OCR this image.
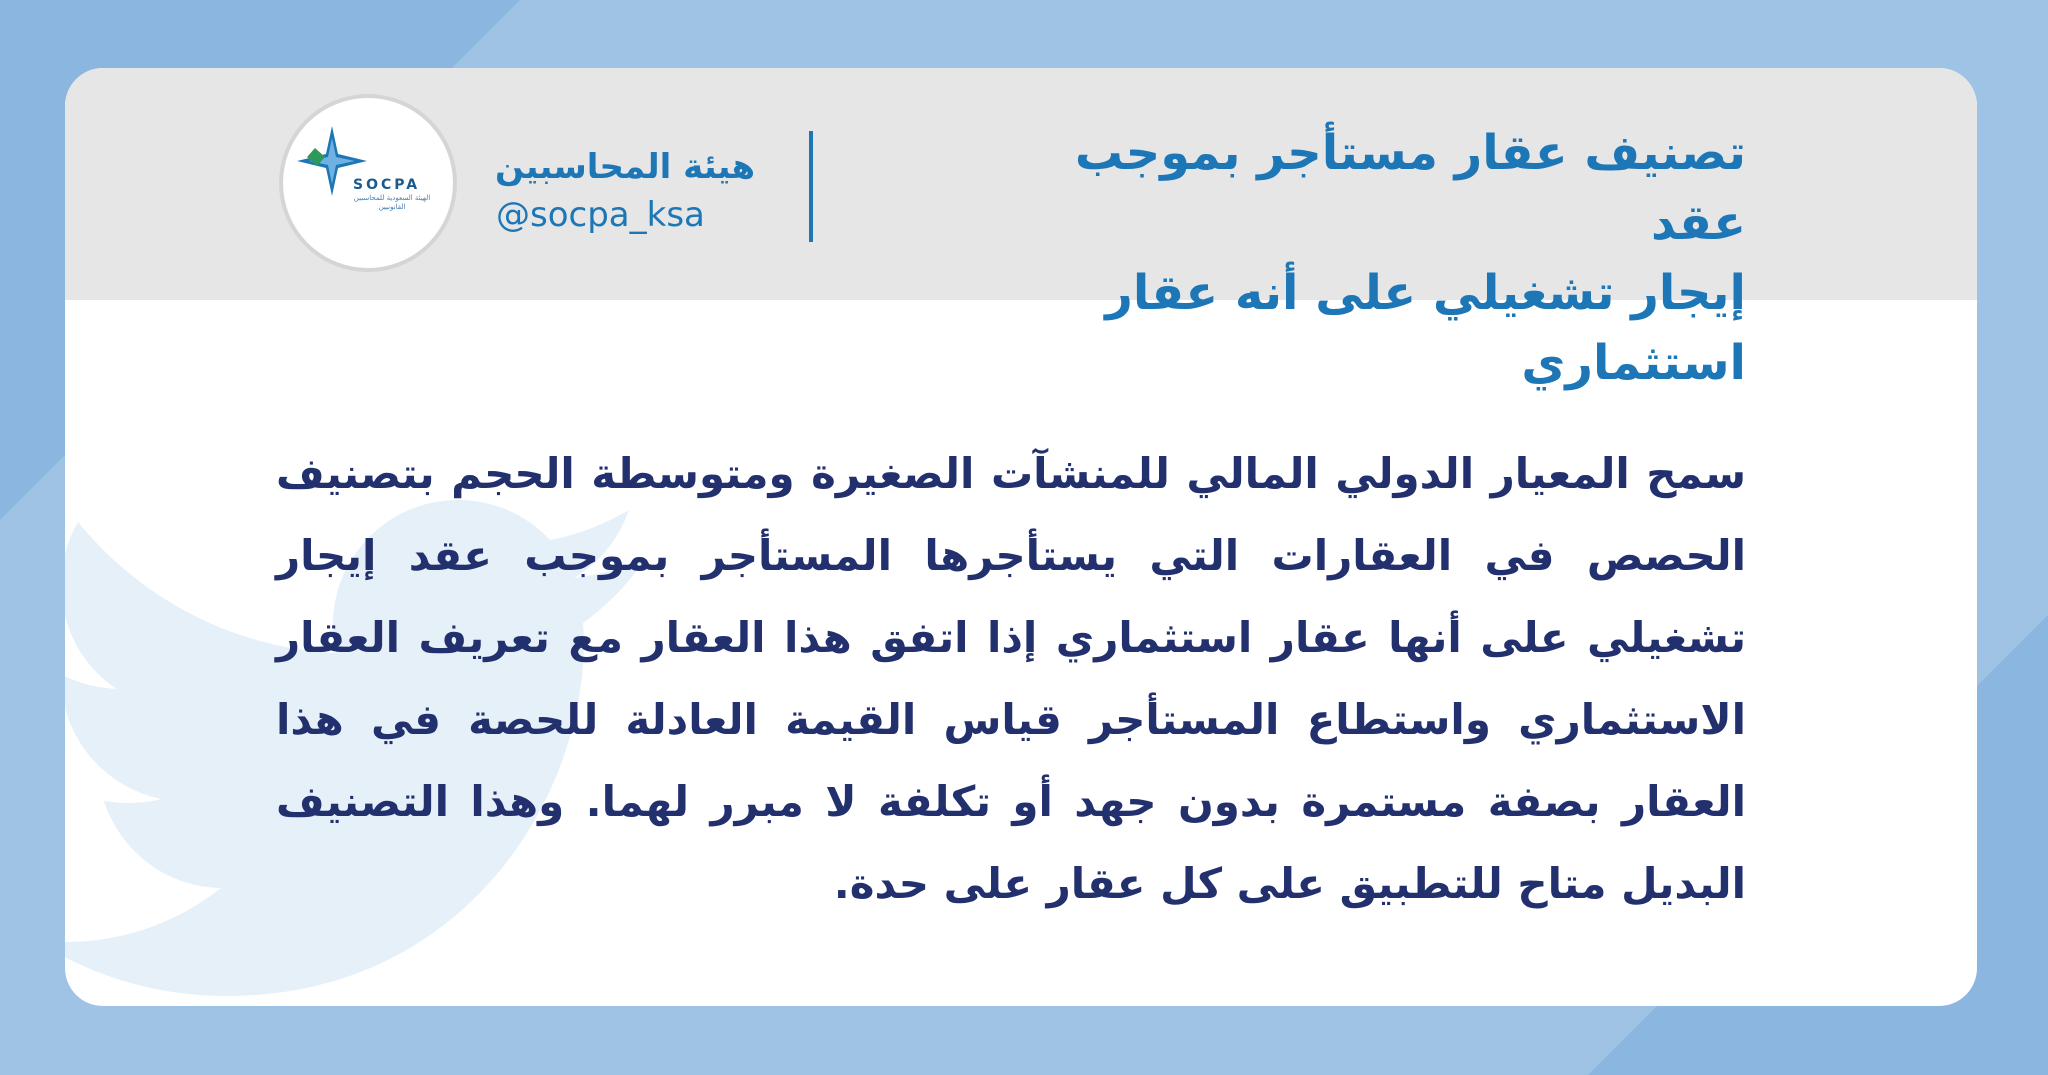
تصنيف عقار مستأجر بموجب عقد
إيجار تشغيلي على أنه عقار استثماري
هيئة المحاسبين
@socpa_ksa
SOCPA
الهيئة السعودية للمحاسبين القانونيين
سمح المعيار الدولي المالي للمنشآت الصغيرة ومتوسطة الحجم بتصنيف الحصص في العقارات التي يستأجرها المستأجر بموجب عقد إيجار تشغيلي على أنها عقار استثماري إذا اتفق هذا العقار مع تعريف العقار الاستثماري واستطاع المستأجر قياس القيمة العادلة للحصة في هذا العقار بصفة مستمرة بدون جهد أو تكلفة لا مبرر لهما. وهذا التصنيف البديل متاح للتطبيق على كل عقار على حدة.
